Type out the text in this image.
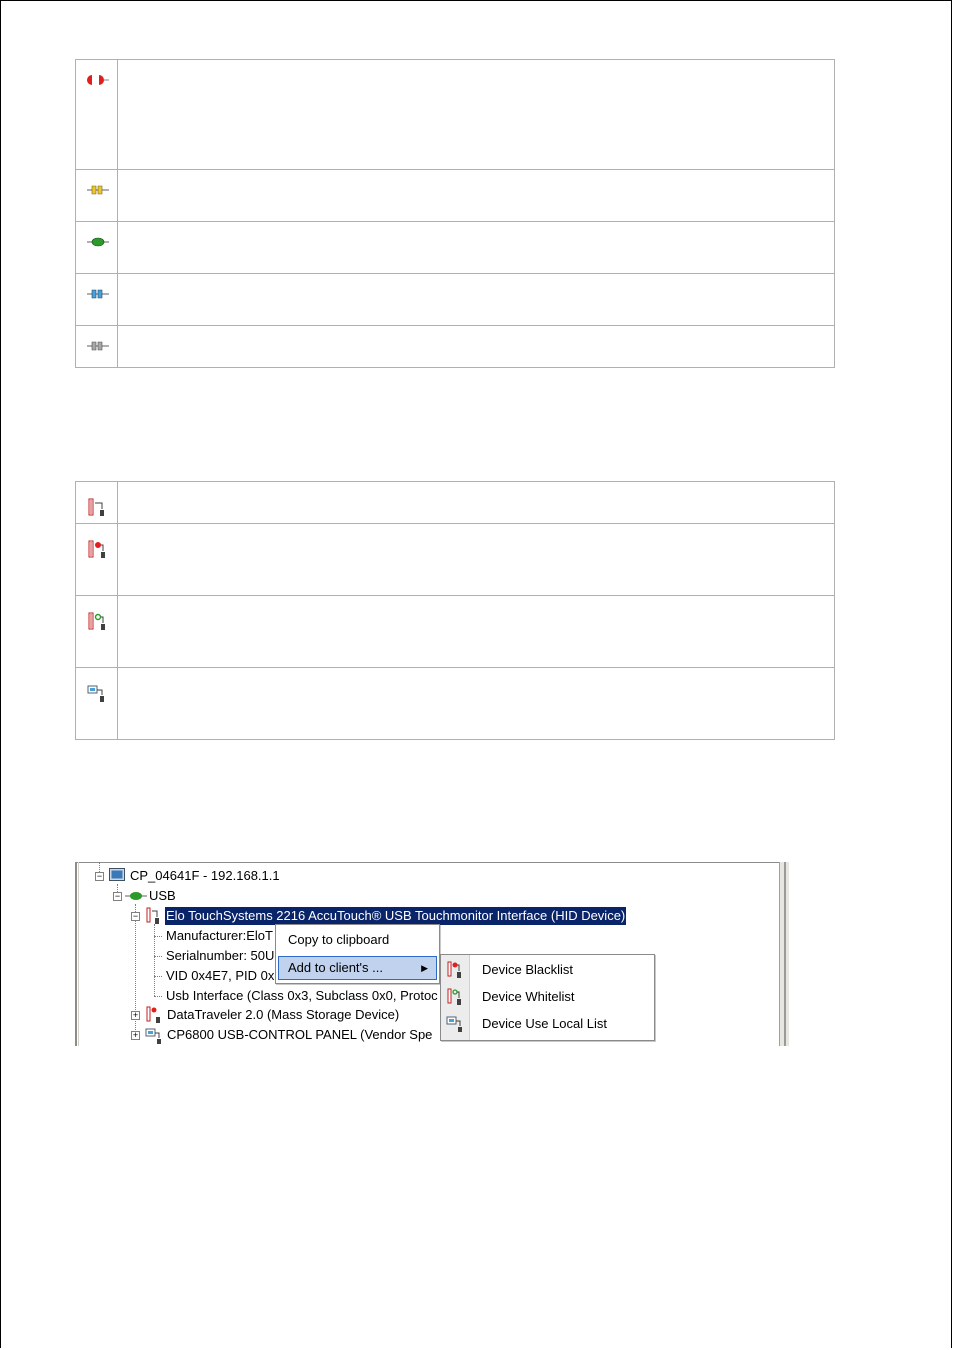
− CP_04641F - 192.168.1.1
− USB
− Elo TouchSystems 2216 AccuTouch® USB Touchmonitor Interface (HID Device)
Manufacturer:EloT
Serialnumber: 50U
VID 0x4E7, PID 0x
Usb Interface (Class 0x3, Subclass 0x0, Protoc
+ DataTraveler 2.0 (Mass Storage Device)
+ CP6800 USB-CONTROL PANEL (Vendor Spe
Copy to clipboard
Add to client's ...	▶	Device Blacklist
Device Whitelist
Device Use Local List
